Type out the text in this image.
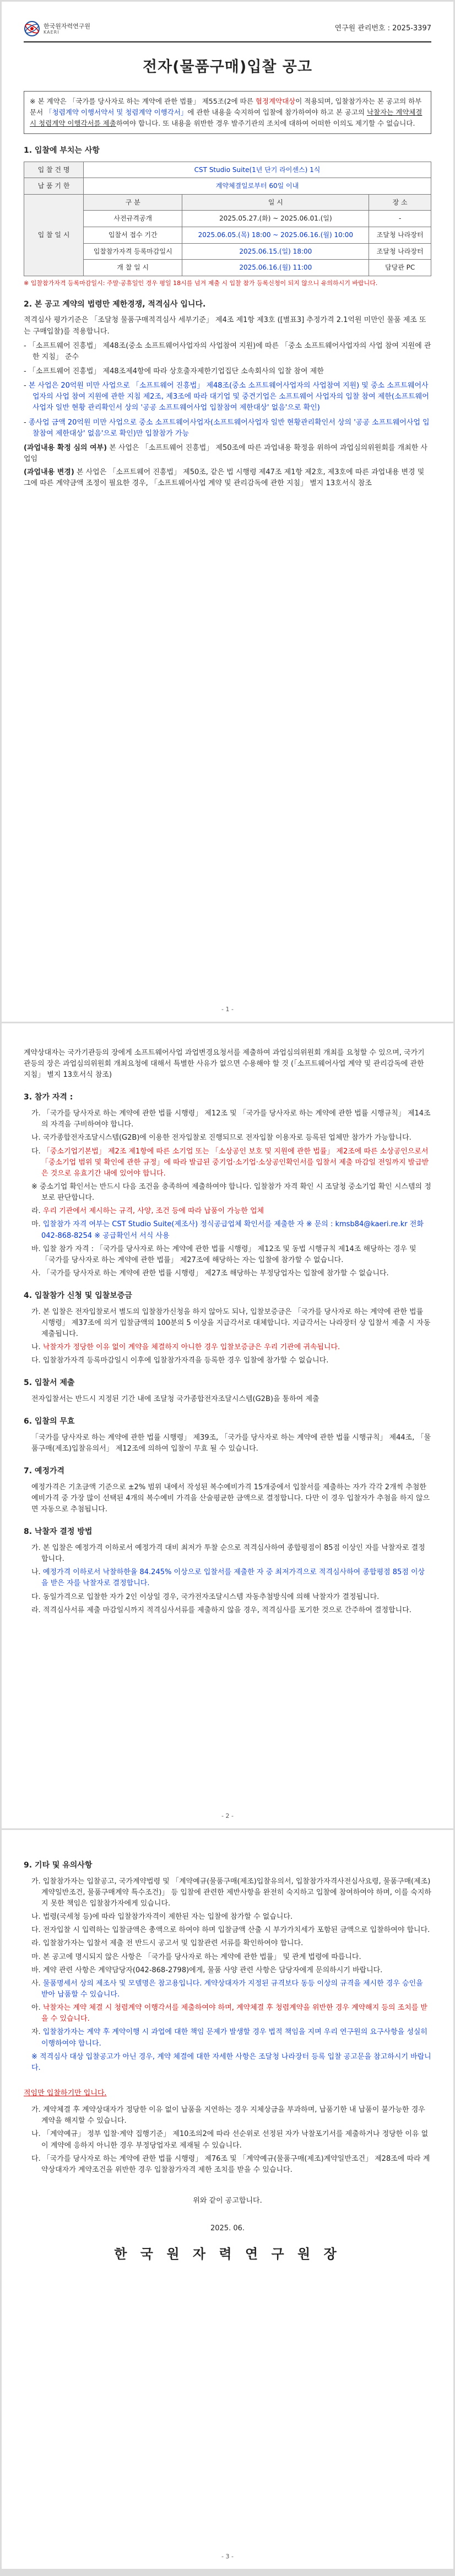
한국원자력연구원
KAERI	연구원 관리번호 : 2025-3397
전자(물품구매)입찰 공고
※ 본 계약은 「국가를 당사자로 하는 계약에 관한 법률」 제55조(2에 따른 협정계약대상이 적용되며, 입찰참가자는 본 공고의 하부문서 「청렴계약 이행서약서 및 청렴계약 이행각서」에 관한 내용을 숙지하여 입찰에 참가하여야 하고 본 공고의 낙찰자는 계약체결 시 청렴계약 이행각서를 제출하여야 합니다. 또 내용을 위반한 경우 발주기관의 조치에 대하여 어떠한 이의도 제기할 수 없습니다.
1. 입찰에 부치는 사항
입 찰 건 명	CST Studio Suite(1년 단기 라이센스) 1식		
납 품 기 한	계약체결일로부터 60일 이내		
입 찰 일 시	구 분	일 시	장 소
	사전규격공개	2025.05.27.(화) ~ 2025.06.01.(일)	-
	입찰서 접수 기간	2025.06.05.(목) 18:00 ~ 2025.06.16.(월) 10:00	조달청 나라장터
	입찰참가자격 등록마감일시	2025.06.15.(일) 18:00	조달청 나라장터
	개 찰 일 시	2025.06.16.(월) 11:00	담당관 PC

※ 입찰참가자격 등록마감일시: 주말·공휴일인 경우 평일 18시를 넘겨 제출 시 입찰 참가 등록신청이 되지 않으니 유의하시기 바랍니다.

2. 본 공고 계약의 법령만 제한경쟁, 적격심사 입니다.

적격심사 평가기준은 「조달청 물품구매적격심사 세부기준」 제4조 제1항 제3호 ([별표3] 추정가격 2.1억원 미만인 물품 제조 또는 구매입찰)를 적용합니다.

- 「소프트웨어 진흥법」 제48조(중소 소프트웨어사업자의 사업참여 지원)에 따른 「중소 소프트웨어사업자의 사업 참여 지원에 관한 지침」 준수
- 「소프트웨어 진흥법」 제48조제4항에 따라 상호출자제한기업집단 소속회사의 입찰 참여 제한
- 본 사업은 20억원 미만 사업으로 「소프트웨어 진흥법」 제48조(중소 소프트웨어사업자의 사업참여 지원) 및 중소 소프트웨어사업자의 사업 참여 지원에 관한 지침 제2조, 제3조에 따라 대기업 및 중견기업은 소프트웨어 사업자의 입찰 참여 제한(소프트웨어사업자 일반 현황 관리확인서 상의 '공공 소프트웨어사업 입찰참여 제한대상' 없음'으로 확인)
- 종사업 금액 20억원 미만 사업으로 중소 소프트웨어사업자(소프트웨어사업자 일반 현황관리확인서 상의 '공공 소프트웨어사업 입찰참여 제한대상' 없음'으로 확인)만 입찰참가 가능

(과업내용 확정 심의 여부) 본 사업은 「소프트웨어 진흥법」 제50조에 따른 과업내용 확정을 위하여 과업심의위원회를 개최한 사업임

(과업내용 변경) 본 사업은 「소프트웨어 진흥법」 제50조, 같은 법 시행령 제47조 제1항 제2호, 제3호에 따른 과업내용 변경 및 그에 따른 계약금액 조정이 필요한 경우, 「소프트웨어사업 계약 및 관리감독에 관한 지침」 별지 13호서식 참조

- 1 -

계약상대자는 국가기관등의 장에게 소프트웨어사업 과업변경요청서를 제출하여 과업심의위원회 개최를 요청할 수 있으며, 국가기관등의 장은 과업심의위원회 개최요청에 대해서 특별한 사유가 없으면 수용해야 할 것 (「소프트웨어사업 계약 및 관리감독에 관한 지침」 별지 13호서식 참조)

3. 참가 자격 :
가. 「국가를 당사자로 하는 계약에 관한 법률 시행령」 제12조 및 「국가를 당사자로 하는 계약에 관한 법률 시행규칙」 제14조의 자격을 구비하여야 합니다.
나. 국가종합전자조달시스템(G2B)에 이용한 전자입찰로 진행되므로 전자입찰 이용자로 등록된 업체만 참가가 가능합니다.
다. 「중소기업기본법」 제2조 제1항에 따른 소기업 또는 「소상공인 보호 및 지원에 관한 법률」 제2조에 따른 소상공인으로서 「중소기업 범위 및 확인에 관한 규정」에 따라 발급된 중기업·소기업·소상공인확인서를 입찰서 제출 마감일 전일까지 발급받은 것으로 유효기간 내에 있어야 합니다.
※ 중소기업 확인서는 반드시 다음 조건을 충족하여 제출하여야 합니다. 입찰참가 자격 확인 시 조달청 중소기업 확인 시스템의 정보로 판단합니다.
라. 우리 기관에서 제시하는 규격, 사양, 조건 등에 따라 납품이 가능한 업체
마. 입찰참가 자격 여부는 CST Studio Suite(제조사) 정식공급업체 확인서를 제출한 자 ※ 문의 : kmsb84@kaeri.re.kr 전화 042-868-8254 ※ 공급확인서 서식 사용
바. 입찰 참가 자격 : 「국가를 당사자로 하는 계약에 관한 법률 시행령」 제12조 및 동법 시행규칙 제14조 해당하는 경우 및 「국가를 당사자로 하는 계약에 관한 법률」 제27조에 해당하는 자는 입찰에 참가할 수 없습니다.
사. 「국가를 당사자로 하는 계약에 관한 법률 시행령」 제27조 해당하는 부정당업자는 입찰에 참가할 수 없습니다.
4. 입찰참가 신청 및 입찰보증금
가. 본 입찰은 전자입찰로서 별도의 입찰참가신청을 하지 않아도 되나, 입찰보증금은 「국가를 당사자로 하는 계약에 관한 법률 시행령」 제37조에 의거 입찰금액의 100분의 5 이상을 지급각서로 대체합니다. 지급각서는 나라장터 상 입찰서 제출 시 자동 제출됩니다.
나. 낙찰자가 정당한 이유 없이 계약을 체결하지 아니한 경우 입찰보증금은 우리 기관에 귀속됩니다.
다. 입찰참가자격 등록마감일시 이후에 입찰참가자격을 등록한 경우 입찰에 참가할 수 없습니다.
5. 입찰서 제출

전자입찰서는 반드시 지정된 기간 내에 조달청 국가종합전자조달시스템(G2B)을 통하여 제출

6. 입찰의 무효

「국가를 당사자로 하는 계약에 관한 법률 시행령」 제39조, 「국가를 당사자로 하는 계약에 관한 법률 시행규칙」 제44조, 「물품구매(제조)입찰유의서」 제12조에 의하여 입찰이 무효 될 수 있습니다.

7. 예정가격

예정가격은 기초금액 기준으로 ±2% 범위 내에서 작성된 복수예비가격 15개중에서 입찰서를 제출하는 자가 각각 2개씩 추첨한 예비가격 중 가장 많이 선택된 4개의 복수예비 가격을 산술평균한 금액으로 결정합니다. 다만 이 경우 입찰자가 추첨을 하지 않으면 자동으로 추첨됩니다.

8. 낙찰자 결정 방법
가. 본 입찰은 예정가격 이하로서 예정가격 대비 최저가 투찰 순으로 적격심사하여 종합평점이 85점 이상인 자를 낙찰자로 결정합니다.
나. 예정가격 이하로서 낙찰하한율 84.245% 이상으로 입찰서를 제출한 자 중 최저가격으로 적격심사하여 종합평점 85점 이상을 받은 자를 낙찰자로 결정합니다.
다. 동일가격으로 입찰한 자가 2인 이상일 경우, 국가전자조달시스템 자동추첨방식에 의해 낙찰자가 결정됩니다.
라. 적격심사서류 제출 마감일시까지 적격심사서류를 제출하지 않을 경우, 적격심사를 포기한 것으로 간주하여 결정합니다.
- 2 -
9. 기타 및 유의사항
가. 입찰참가자는 입찰공고, 국가계약법령 및 「계약예규(물품구매(제조)입찰유의서, 입찰참가자격사전심사요령, 물품구매(제조)계약일반조건, 물품구매계약 특수조건)」 등 입찰에 관련한 제반사항을 완전히 숙지하고 입찰에 참여하여야 하며, 이를 숙지하지 못한 책임은 입찰참가자에게 있습니다.
나. 법령(국세청 등)에 따라 입찰참가자격이 제한된 자는 입찰에 참가할 수 없습니다.
다. 전자입찰 시 입력하는 입찰금액은 총액으로 하여야 하며 입찰금액 산출 시 부가가치세가 포함된 금액으로 입찰하여야 합니다.
라. 입찰참가자는 입찰서 제출 전 반드시 공고서 및 입찰관련 서류를 확인하여야 합니다.
마. 본 공고에 명시되지 않은 사항은 「국가를 당사자로 하는 계약에 관한 법률」 및 관계 법령에 따릅니다.
바. 계약 관련 사항은 계약담당자(042-868-2798)에게, 물품 사양 관련 사항은 담당자에게 문의하시기 바랍니다.
사. 물품명세서 상의 제조사 및 모델명은 참고용입니다. 계약상대자가 지정된 규격보다 동등 이상의 규격을 제시한 경우 승인을 받아 납품할 수 있습니다.
아. 낙찰자는 계약 체결 시 청렴계약 이행각서를 제출하여야 하며, 계약체결 후 청렴계약을 위반한 경우 계약해지 등의 조치를 받을 수 있습니다.
자. 입찰참가자는 계약 후 계약이행 시 과업에 대한 책임 문제가 발생할 경우 법적 책임을 지며 우리 연구원의 요구사항을 성실히 이행하여야 합니다.

※ 적격심사 대상 입찰공고가 아닌 경우, 계약 체결에 대한 자세한 사항은 조달청 나라장터 등록 입찰 공고문을 참고하시기 바랍니다.

적임만 입찰하기만 입니다.

가. 계약체결 후 계약상대자가 정당한 이유 없이 납품을 지연하는 경우 지체상금을 부과하며, 납품기한 내 납품이 불가능한 경우 계약을 해지할 수 있습니다.
나. 「계약예규」 정부 입찰·계약 집행기준」 제10조의2에 따라 선순위로 선정된 자가 낙찰포기서를 제출하거나 정당한 이유 없이 계약에 응하지 아니한 경우 부정당업자로 제재될 수 있습니다.
다. 「국가를 당사자로 하는 계약에 관한 법률 시행령」 제76조 및 「계약예규(물품구매(제조)계약일반조건」 제28조에 따라 계약상대자가 계약조건을 위반한 경우 입찰참가자격 제한 조치를 받을 수 있습니다.

위와 같이 공고합니다.

2025. 06.

한 국 원 자 력 연 구 원 장
- 3 -
